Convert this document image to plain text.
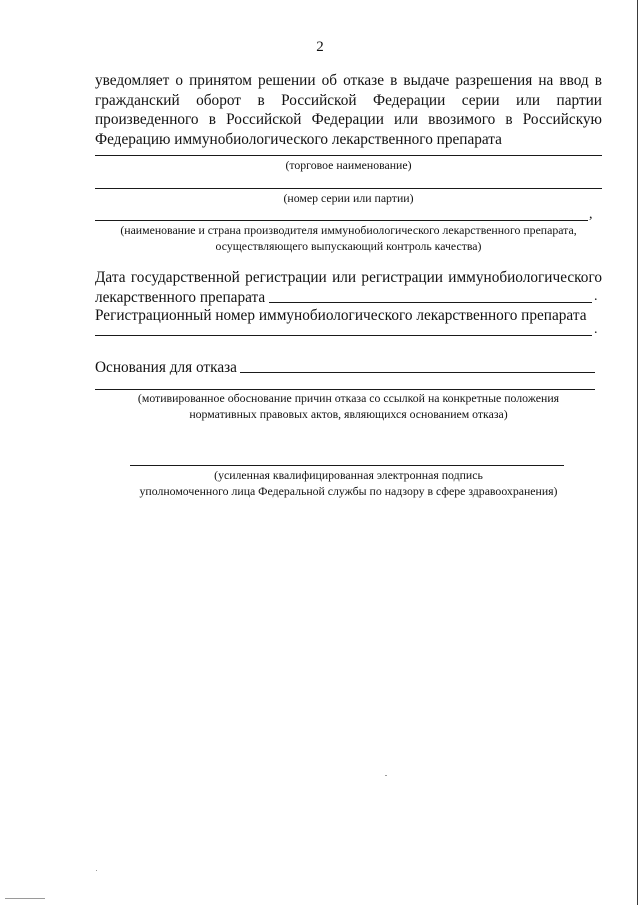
2
уведомляет о принятом решении об отказе в выдаче разрешения на ввод в
гражданский оборот в Российской Федерации серии или партии
произведенного в Российской Федерации или ввозимого в Российскую
Федерацию иммунобиологического лекарственного препарата
(торговое наименование)
(номер серии или партии)
,
(наименование и страна производителя иммунобиологического лекарственного препарата,
осуществляющего выпускающий контроль качества)
Дата государственной регистрации или регистрации иммунобиологического
лекарственного препарата	.
Регистрационный номер иммунобиологического лекарственного препарата
.
Основания для отказа
(мотивированное обоснование причин отказа со ссылкой на конкретные положения
нормативных правовых актов, являющихся основанием отказа)
(усиленная квалифицированная электронная подпись
уполномоченного лица Федеральной службы по надзору в сфере здравоохранения)
